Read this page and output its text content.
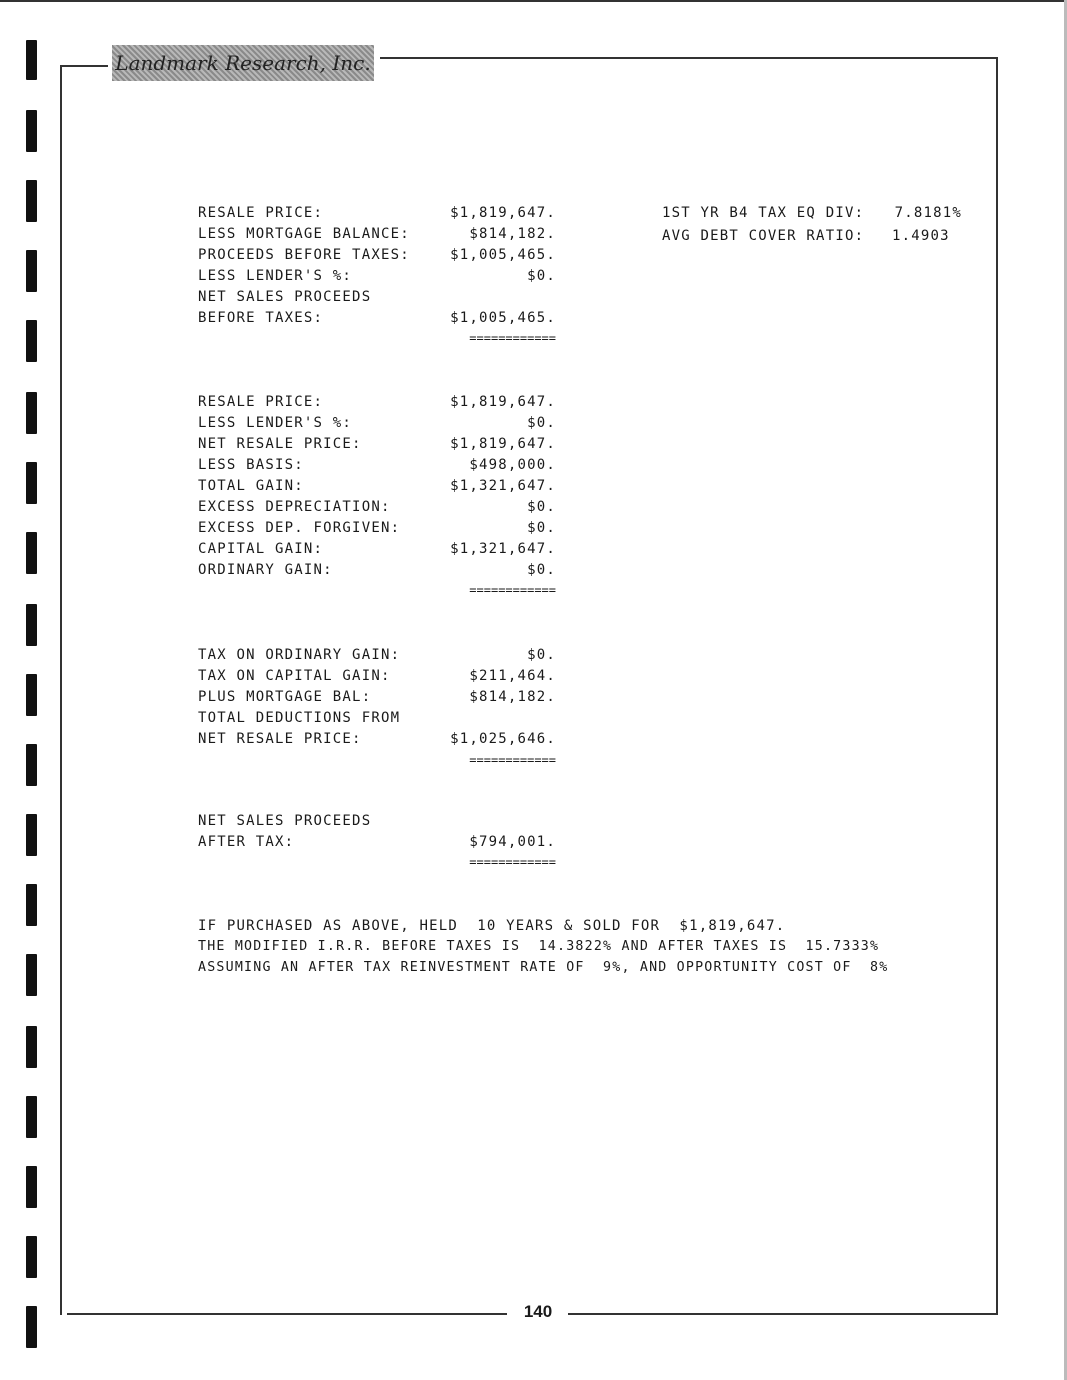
Landmark Research, Inc.
RESALE PRICE:	$1,819,647.
LESS MORTGAGE BALANCE:	$814,182.
PROCEEDS BEFORE TAXES:	$1,005,465.
LESS LENDER'S %:	$0.
NET SALES PROCEEDS
BEFORE TAXES:	$1,005,465.
============
1ST YR B4 TAX EQ DIV:	7.8181%
AVG DEBT COVER RATIO: 1.4903
RESALE PRICE:	$1,819,647.
LESS LENDER'S %:	$0.
NET RESALE PRICE:	$1,819,647.
LESS BASIS:	$498,000.
TOTAL GAIN:	$1,321,647.
EXCESS DEPRECIATION:	$0.
EXCESS DEP. FORGIVEN:	$0.
CAPITAL GAIN:	$1,321,647.
ORDINARY GAIN:	$0.
============
TAX ON ORDINARY GAIN:	$0.
TAX ON CAPITAL GAIN:	$211,464.
PLUS MORTGAGE BAL:	$814,182.
TOTAL DEDUCTIONS FROM
NET RESALE PRICE:	$1,025,646.
============
NET SALES PROCEEDS
AFTER TAX:	$794,001.
============
IF PURCHASED AS ABOVE, HELD  10 YEARS & SOLD FOR  $1,819,647.
THE MODIFIED I.R.R. BEFORE TAXES IS  14.3822% AND AFTER TAXES IS  15.7333%
ASSUMING AN AFTER TAX REINVESTMENT RATE OF  9%, AND OPPORTUNITY COST OF  8%
140
